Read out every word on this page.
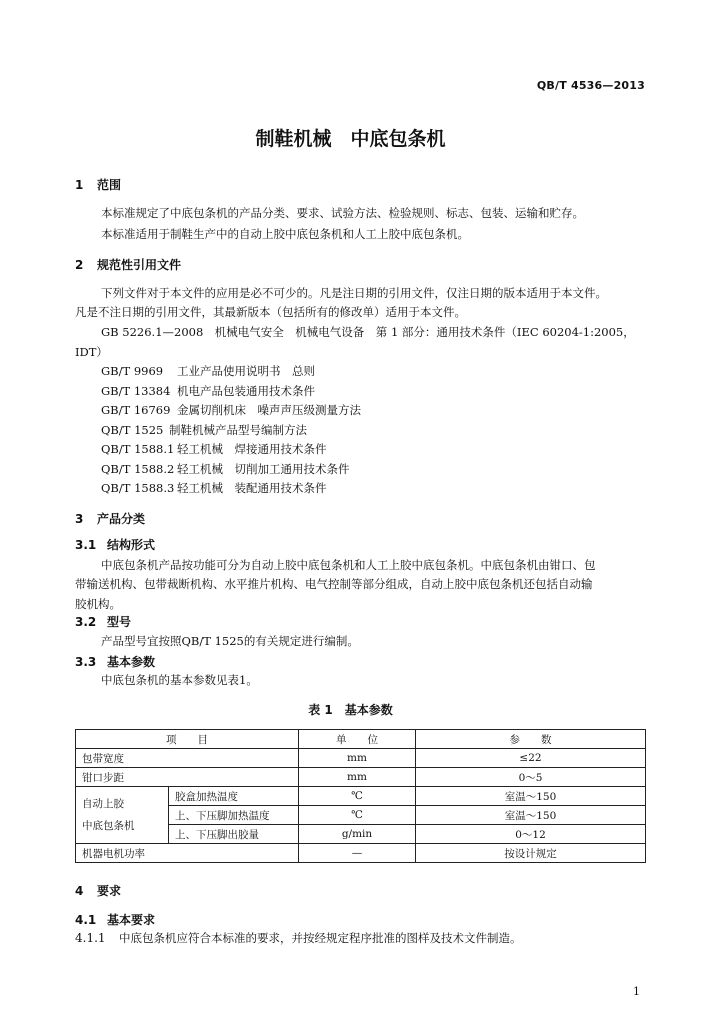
QB/T 4536—2013
制鞋机械　中底包条机
1 范围
本标准规定了中底包条机的产品分类、要求、试验方法、检验规则、标志、包装、运输和贮存。
本标准适用于制鞋生产中的自动上胶中底包条机和人工上胶中底包条机。
2 规范性引用文件
下列文件对于本文件的应用是必不可少的。凡是注日期的引用文件，仅注日期的版本适用于本文件。
凡是不注日期的引用文件，其最新版本（包括所有的修改单）适用于本文件。
GB 5226.1—2008　机械电气安全　机械电气设备　第 1 部分：通用技术条件（IEC 60204-1:2005，
IDT）
GB/T 9969 工业产品使用说明书　总则
GB/T 13384 机电产品包装通用技术条件
GB/T 16769 金属切削机床　噪声声压级测量方法
QB/T 1525 制鞋机械产品型号编制方法
QB/T 1588.1 轻工机械　焊接通用技术条件
QB/T 1588.2 轻工机械　切削加工通用技术条件
QB/T 1588.3 轻工机械　装配通用技术条件
3 产品分类
3.1 结构形式
中底包条机产品按功能可分为自动上胶中底包条机和人工上胶中底包条机。中底包条机由钳口、包
带输送机构、包带裁断机构、水平推片机构、电气控制等部分组成，自动上胶中底包条机还包括自动输
胶机构。
3.2 型号
产品型号宜按照QB/T 1525的有关规定进行编制。
3.3 基本参数
中底包条机的基本参数见表1。
表 1　基本参数
项　　目		单　　位	参　　数
包带宽度		mm	≤22
钳口步距		mm	0～5

自动上胶
中底包条机	胶盒加热温度	℃	室温～150
	上、下压脚加热温度	℃	室温～150
	上、下压脚出胶量	g/min	0～12
机器电机功率		—	按设计规定
4 要求
4.1 基本要求
4.1.1 中底包条机应符合本标准的要求，并按经规定程序批准的图样及技术文件制造。
1
